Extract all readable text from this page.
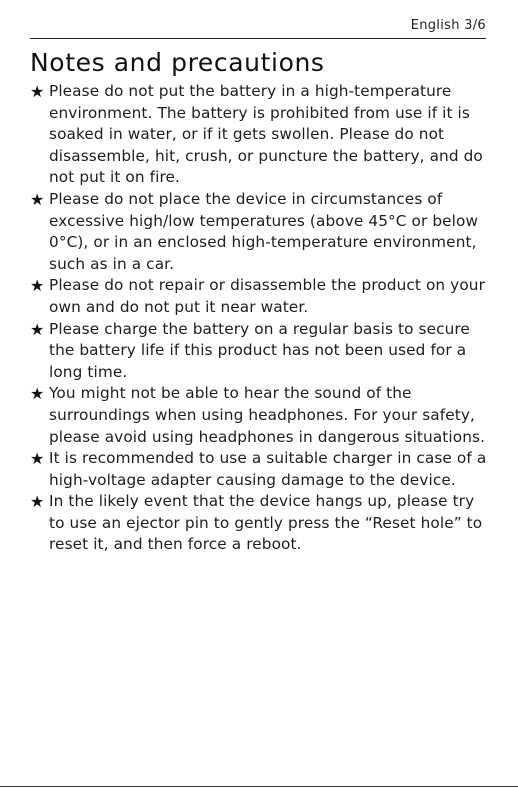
English 3/6
Notes and precautions
★ Please do not put the battery in a high-temperature environment. The battery is prohibited from use if it is soaked in water, or if it gets swollen. Please do not disassemble, hit, crush, or puncture the battery, and do not put it on fire.
★ Please do not place the device in circumstances of excessive high/low temperatures (above 45°C or below 0°C), or in an enclosed high-temperature environment, such as in a car.
★ Please do not repair or disassemble the product on your own and do not put it near water.
★ Please charge the battery on a regular basis to secure the battery life if this product has not been used for a long time.
★ You might not be able to hear the sound of the surroundings when using headphones. For your safety, please avoid using headphones in dangerous situations.
★ It is recommended to use a suitable charger in case of a high-voltage adapter causing damage to the device.
★ In the likely event that the device hangs up, please try to use an ejector pin to gently press the “Reset hole” to reset it, and then force a reboot.
